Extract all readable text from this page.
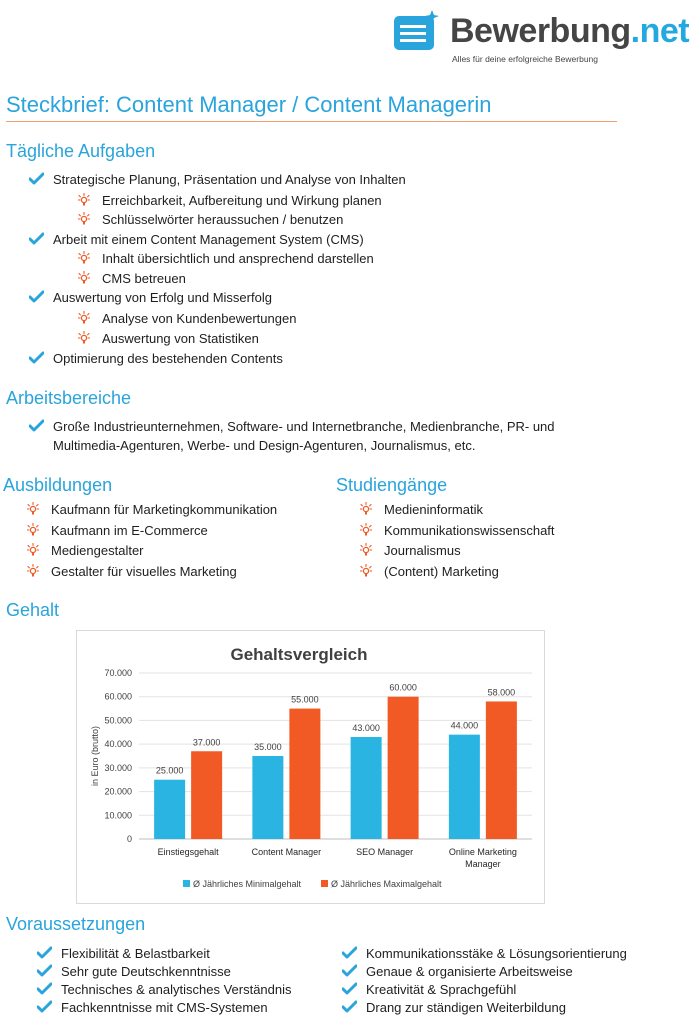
Bewerbung.net
Alles für deine erfolgreiche Bewerbung
Steckbrief: Content Manager / Content Managerin
Tägliche Aufgaben
Strategische Planung, Präsentation und Analyse von Inhalten
Erreichbarkeit, Aufbereitung und Wirkung planen
Schlüsselwörter heraussuchen / benutzen
Arbeit mit einem Content Management System (CMS)
Inhalt übersichtlich und ansprechend darstellen
CMS betreuen
Auswertung von Erfolg und Misserfolg
Analyse von Kundenbewertungen
Auswertung von Statistiken
Optimierung des bestehenden Contents
Arbeitsbereiche
Große Industrieunternehmen, Software- und Internetbranche, Medienbranche, PR- und
Multimedia-Agenturen, Werbe- und Design-Agenturen, Journalismus, etc.
Ausbildungen	Studiengänge
Kaufmann für Marketingkommunikation
Kaufmann im E-Commerce
Mediengestalter
Gestalter für visuelles Marketing
Medieninformatik
Kommunikationswissenschaft
Journalismus
(Content) Marketing
Gehalt
Gehaltsvergleich
0
10.000
20.000
30.000
40.000
50.000
60.000
70.000
in Euro (brutto)	25.000
37.000
Einstiegsgehalt
35.000
55.000
Content Manager
43.000
60.000
SEO Manager
44.000
58.000
Online Marketing
Manager
Ø Jährliches Minimalgehalt	Ø Jährliches Maximalgehalt
Voraussetzungen
Flexibilität & Belastbarkeit
Sehr gute Deutschkenntnisse
Technisches & analytisches Verständnis
Fachkenntnisse mit CMS-Systemen
Kommunikationsstäke & Lösungsorientierung
Genaue & organisierte Arbeitsweise
Kreativität & Sprachgefühl
Drang zur ständigen Weiterbildung
